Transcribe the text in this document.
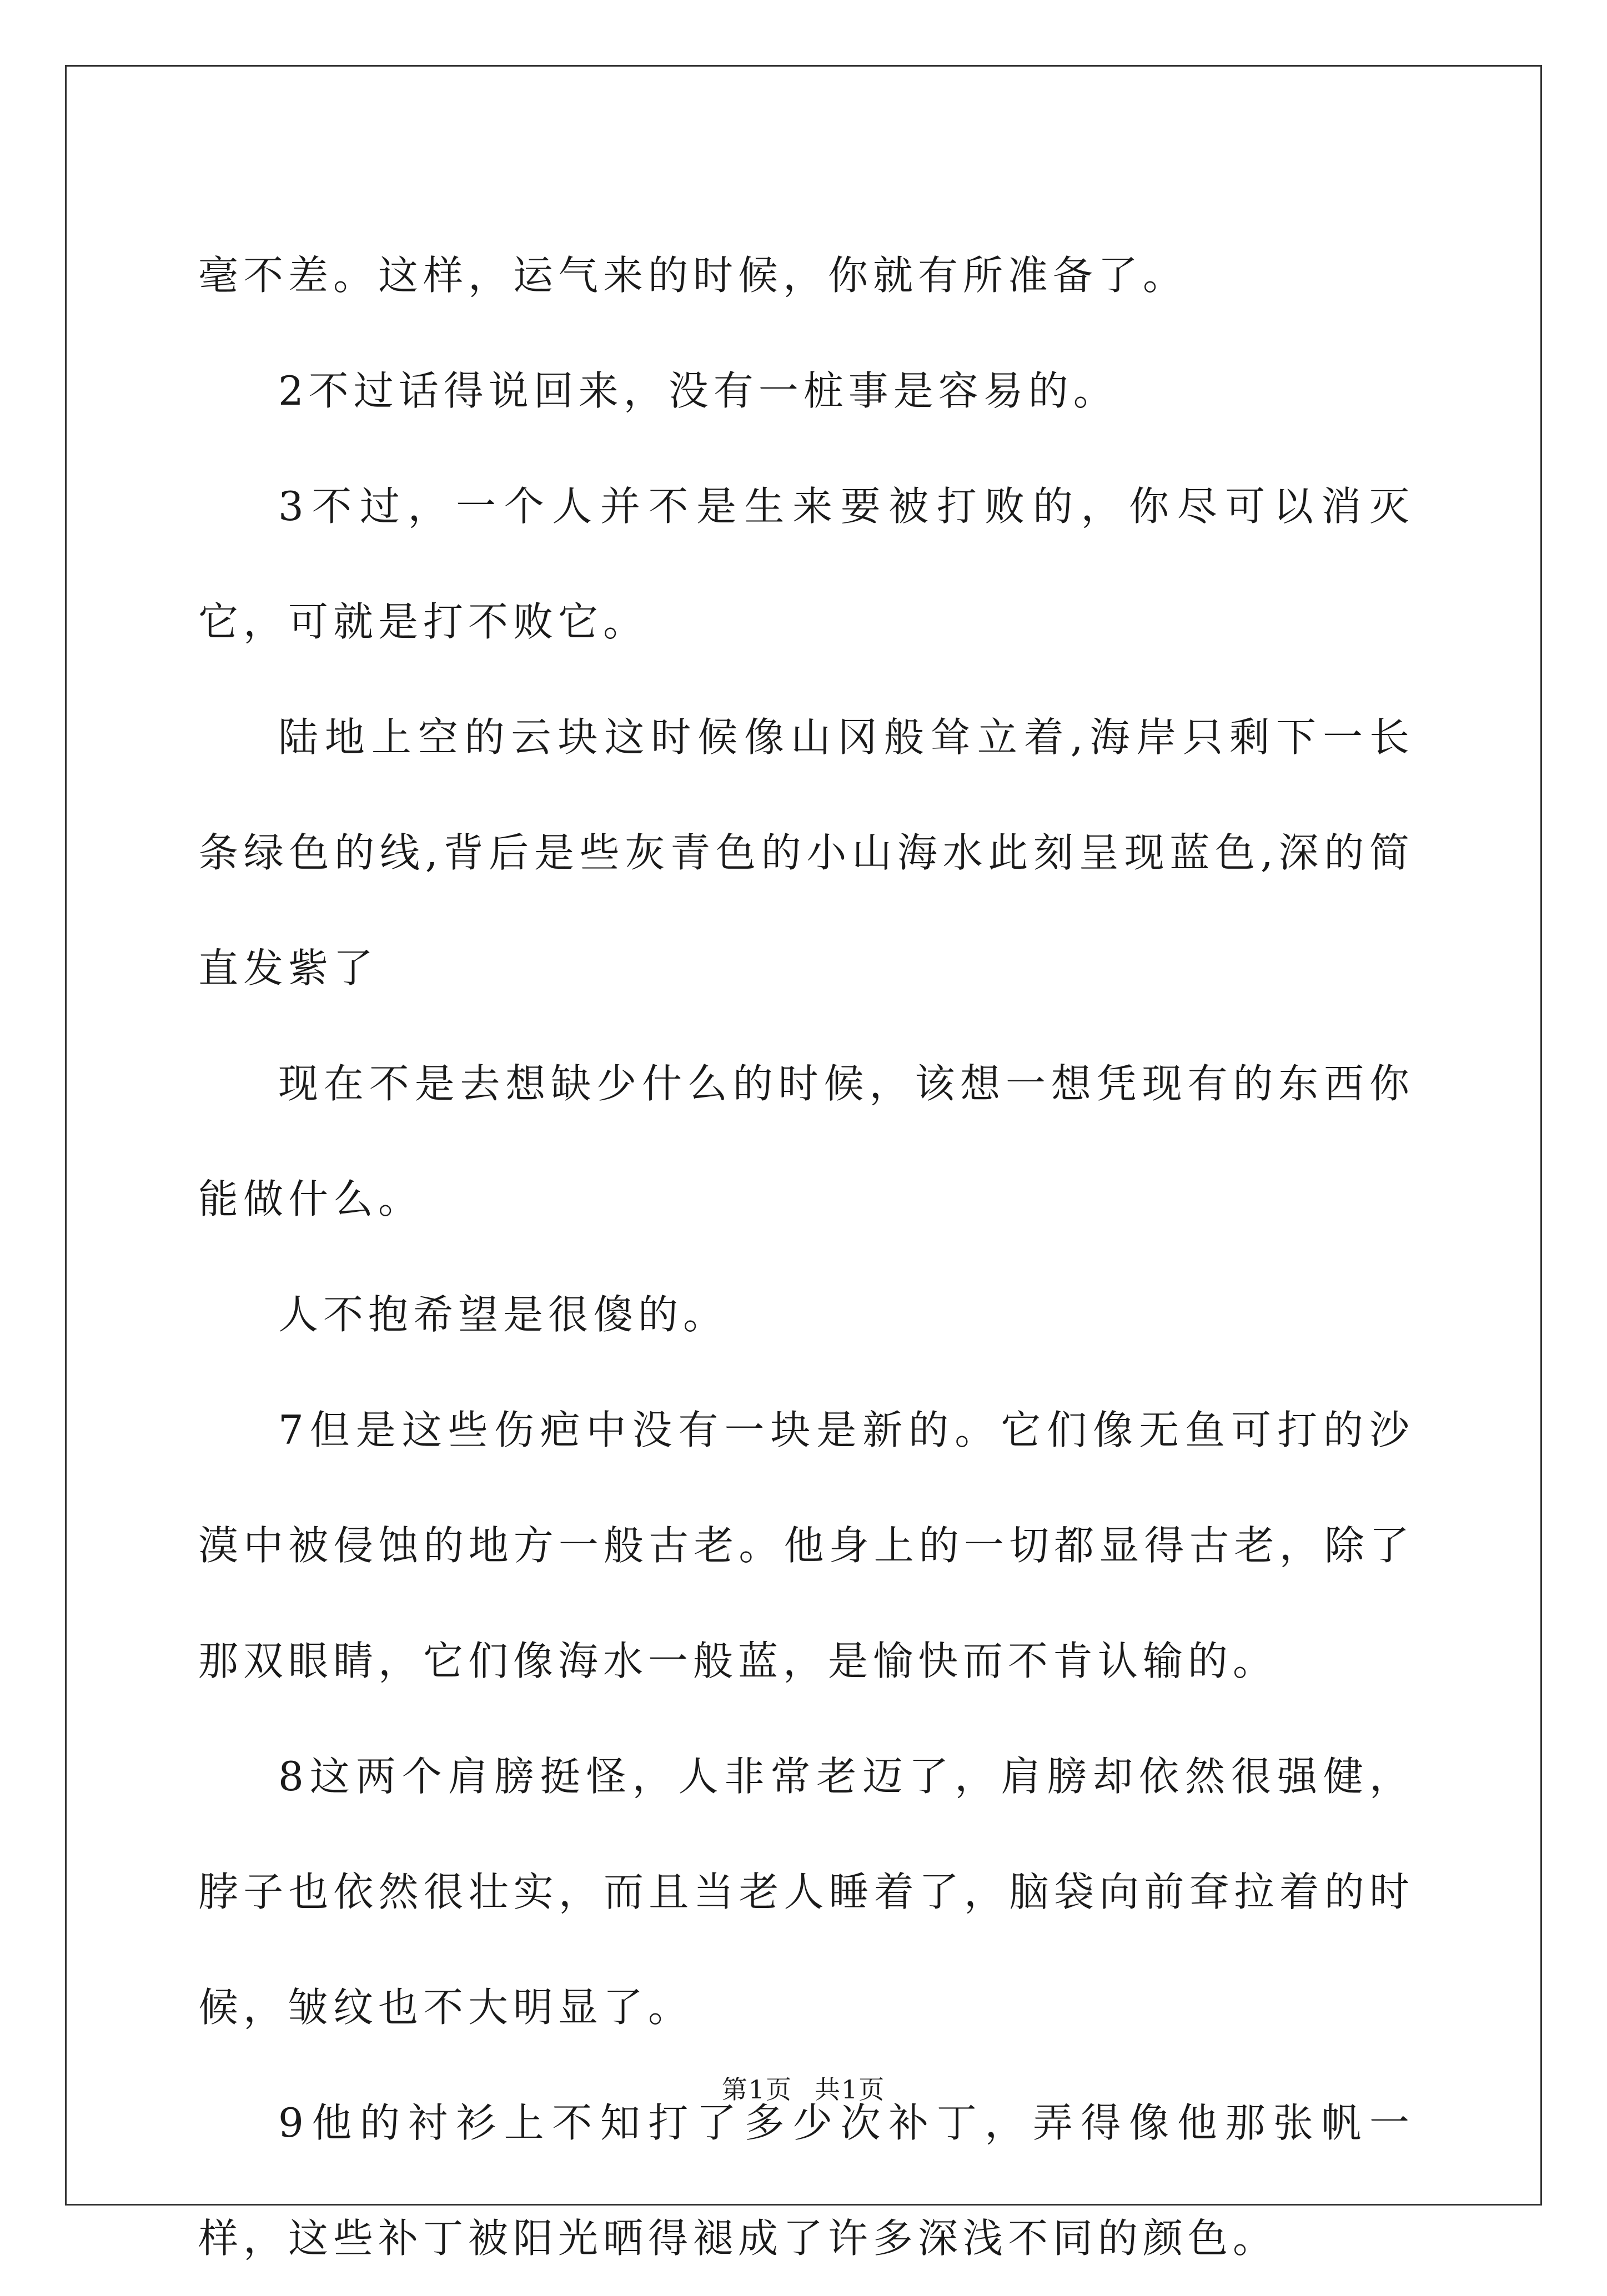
毫不差。这样，运气来的时候，你就有所准备了。

2不过话得说回来，没有一桩事是容易的。

3不过，一个人并不是生来要被打败的，你尽可以消灭它，可就是打不败它。

陆地上空的云块这时候像山冈般耸立着,海岸只剩下一长条绿色的线,背后是些灰青色的小山海水此刻呈现蓝色,深的简直发紫了

现在不是去想缺少什么的时候，该想一想凭现有的东西你能做什么。

人不抱希望是很傻的。

7但是这些伤疤中没有一块是新的。它们像无鱼可打的沙漠中被侵蚀的地方一般古老。他身上的一切都显得古老，除了那双眼睛，它们像海水一般蓝，是愉快而不肯认输的。

8这两个肩膀挺怪，人非常老迈了，肩膀却依然很强健，脖子也依然很壮实，而且当老人睡着了，脑袋向前耷拉着的时候，皱纹也不大明显了。

9他的衬衫上不知打了多少次补丁，弄得像他那张帆一样，这些补丁被阳光晒得褪成了许多深浅不同的颜色。

第1页 共1页
